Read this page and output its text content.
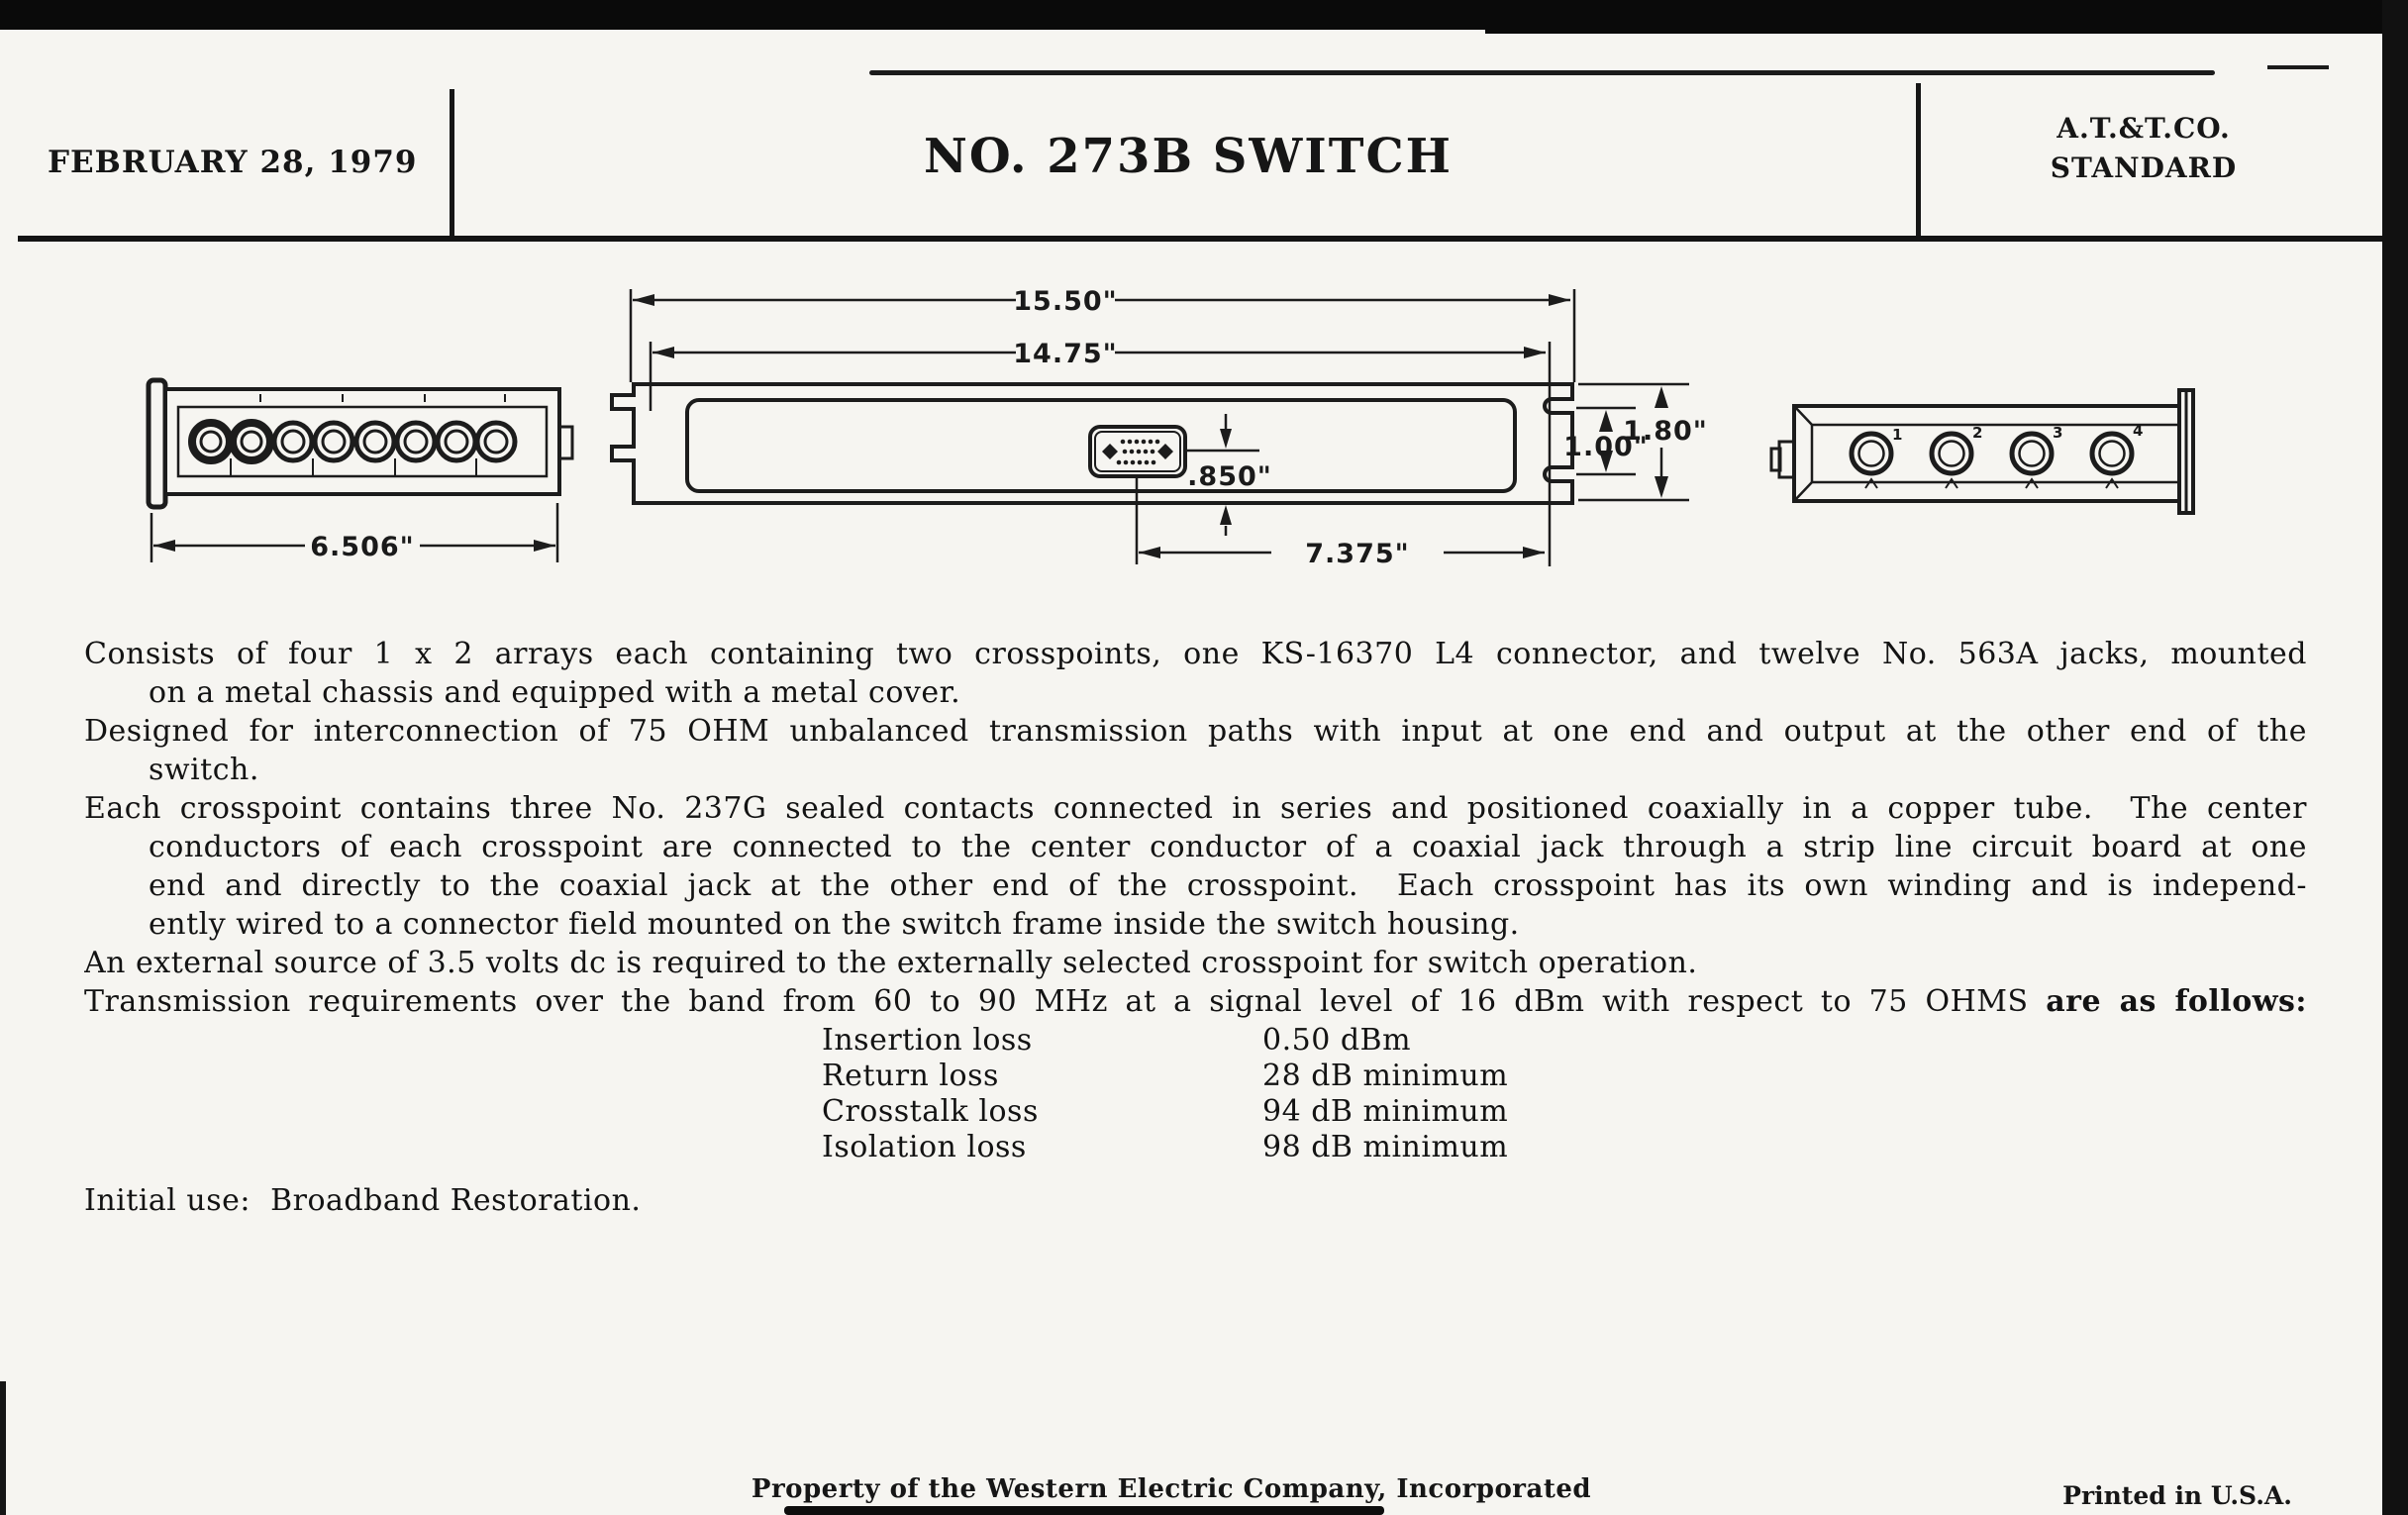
FEBRUARY 28, 1979	NO. 273B SWITCH
A.T.&T.CO.
STANDARD
6.506"
15.50"
14.75"
.850"
7.375"
1.00"
1.80"	1	2	3	4
Consists of four 1 x 2 arrays each containing two crosspoints, one KS-16370 L4 connector, and twelve No. 563A jacks, mounted
on a metal chassis and equipped with a metal cover.
Designed for interconnection of 75 OHM unbalanced transmission paths with input at one end and output at the other end of the
switch.
Each crosspoint contains three No. 237G sealed contacts connected in series and positioned coaxially in a copper tube.  The center
conductors of each crosspoint are connected to the center conductor of a coaxial jack through a strip line circuit board at one
end and directly to the coaxial jack at the other end of the crosspoint.  Each crosspoint has its own winding and is independ-
ently wired to a connector field mounted on the switch frame inside the switch housing.
An external source of 3.5 volts dc is required to the externally selected crosspoint for switch operation.
Transmission requirements over the band from 60 to 90 MHz at a signal level of 16 dBm with respect to 75 OHMS are as follows:
Insertion loss	0.50 dBm
Return loss	28 dB minimum
Crosstalk loss	94 dB minimum
Isolation loss	98 dB minimum
Initial use:  Broadband Restoration.
Property of the Western Electric Company, Incorporated	Printed in U.S.A.
